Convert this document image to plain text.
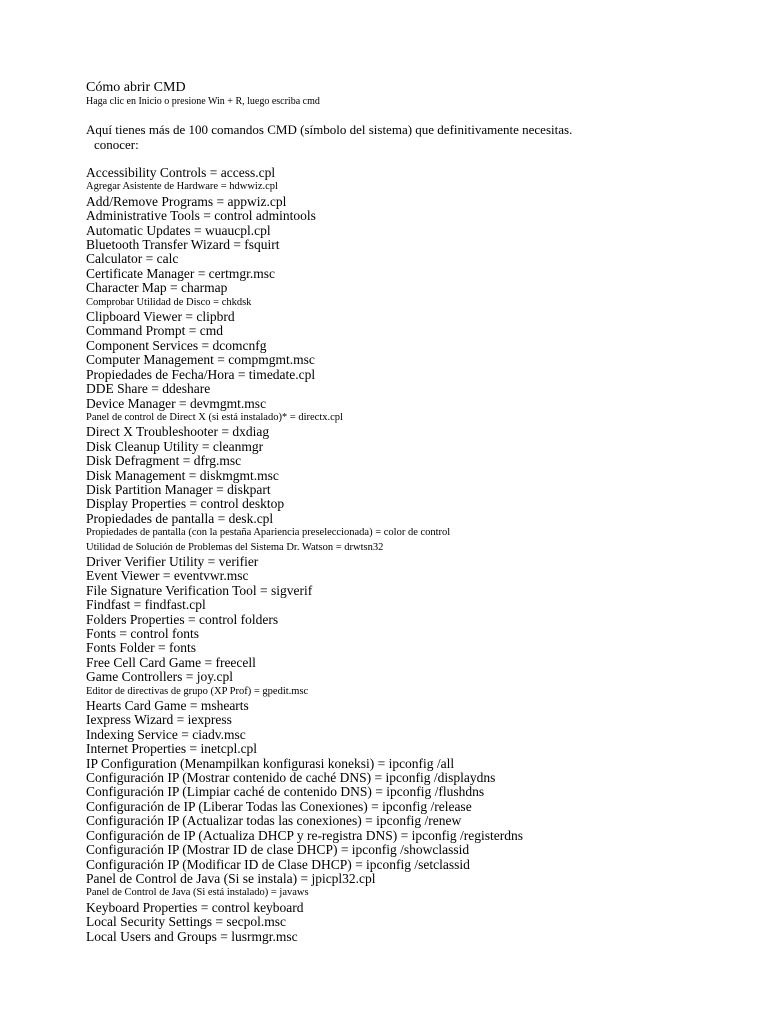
Cómo abrir CMD
Haga clic en Inicio o presione Win + R, luego escriba cmd
Aquí tienes más de 100 comandos CMD (símbolo del sistema) que definitivamente necesitas.
conocer:
Accessibility Controls = access.cpl
Agregar Asistente de Hardware = hdwwiz.cpl
Add/Remove Programs = appwiz.cpl
Administrative Tools = control admintools
Automatic Updates = wuaucpl.cpl
Bluetooth Transfer Wizard = fsquirt
Calculator = calc
Certificate Manager = certmgr.msc
Character Map = charmap
Comprobar Utilidad de Disco = chkdsk
Clipboard Viewer = clipbrd
Command Prompt = cmd
Component Services = dcomcnfg
Computer Management = compmgmt.msc
Propiedades de Fecha/Hora = timedate.cpl
DDE Share = ddeshare
Device Manager = devmgmt.msc
Panel de control de Direct X (si está instalado)* = directx.cpl
Direct X Troubleshooter = dxdiag
Disk Cleanup Utility = cleanmgr
Disk Defragment = dfrg.msc
Disk Management = diskmgmt.msc
Disk Partition Manager = diskpart
Display Properties = control desktop
Propiedades de pantalla = desk.cpl
Propiedades de pantalla (con la pestaña Apariencia preseleccionada) = color de control
Utilidad de Solución de Problemas del Sistema Dr. Watson = drwtsn32
Driver Verifier Utility = verifier
Event Viewer = eventvwr.msc
File Signature Verification Tool = sigverif
Findfast = findfast.cpl
Folders Properties = control folders
Fonts = control fonts
Fonts Folder = fonts
Free Cell Card Game = freecell
Game Controllers = joy.cpl
Editor de directivas de grupo (XP Prof) = gpedit.msc
Hearts Card Game = mshearts
Iexpress Wizard = iexpress
Indexing Service = ciadv.msc
Internet Properties = inetcpl.cpl
IP Configuration (Menampilkan konfigurasi koneksi) = ipconfig /all
Configuración IP (Mostrar contenido de caché DNS) = ipconfig /displaydns
Configuración IP (Limpiar caché de contenido DNS) = ipconfig /flushdns
Configuración de IP (Liberar Todas las Conexiones) = ipconfig /release
Configuración IP (Actualizar todas las conexiones) = ipconfig /renew
Configuración de IP (Actualiza DHCP y re-registra DNS) = ipconfig /registerdns
Configuración IP (Mostrar ID de clase DHCP) = ipconfig /showclassid
Configuración IP (Modificar ID de Clase DHCP) = ipconfig /setclassid
Panel de Control de Java (Si se instala) = jpicpl32.cpl
Panel de Control de Java (Si está instalado) = javaws
Keyboard Properties = control keyboard
Local Security Settings = secpol.msc
Local Users and Groups = lusrmgr.msc
